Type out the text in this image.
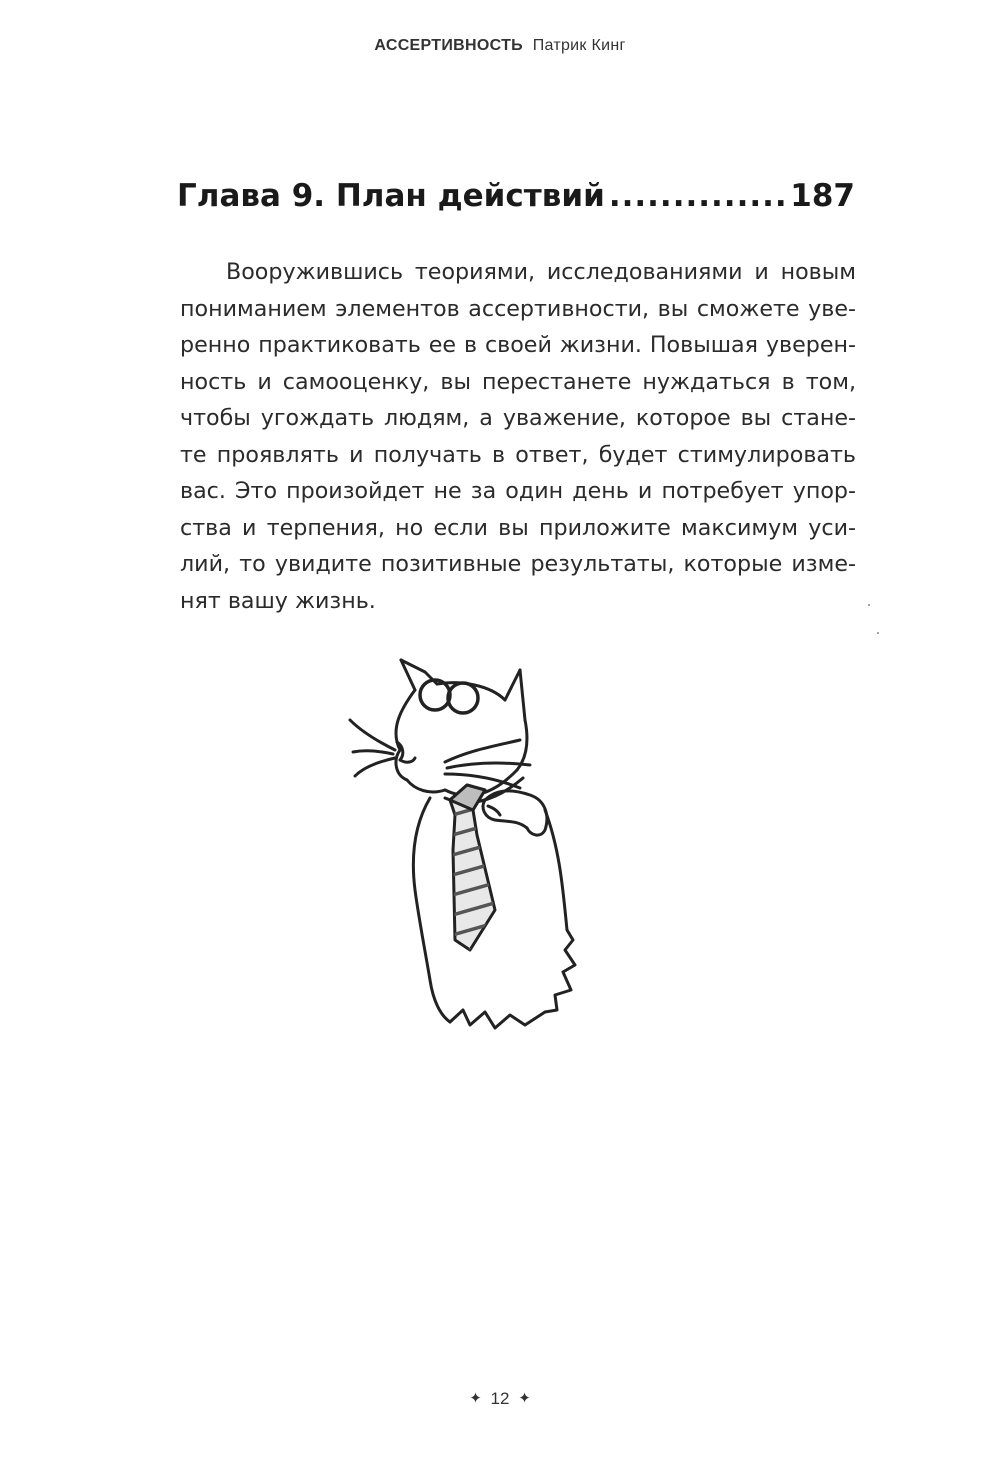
АССЕРТИВНОСТЬ Патрик Кинг
Глава 9. План действий
.....	187

Вооружившись теориями, исследованиями и новым
пониманием элементов ассертивности, вы сможете уве-
ренно практиковать ее в своей жизни. Повышая уверен-
ность и самооценку, вы перестанете нуждаться в том,
чтобы угождать людям, а уважение, которое вы стане-
те проявлять и получать в ответ, будет стимулировать
вас. Это произойдет не за один день и потребует упор-
ства и терпения, но если вы приложите максимум уси-
лий, то увидите позитивные результаты, которые изме-
нят вашу жизнь.

✦ 12 ✦
